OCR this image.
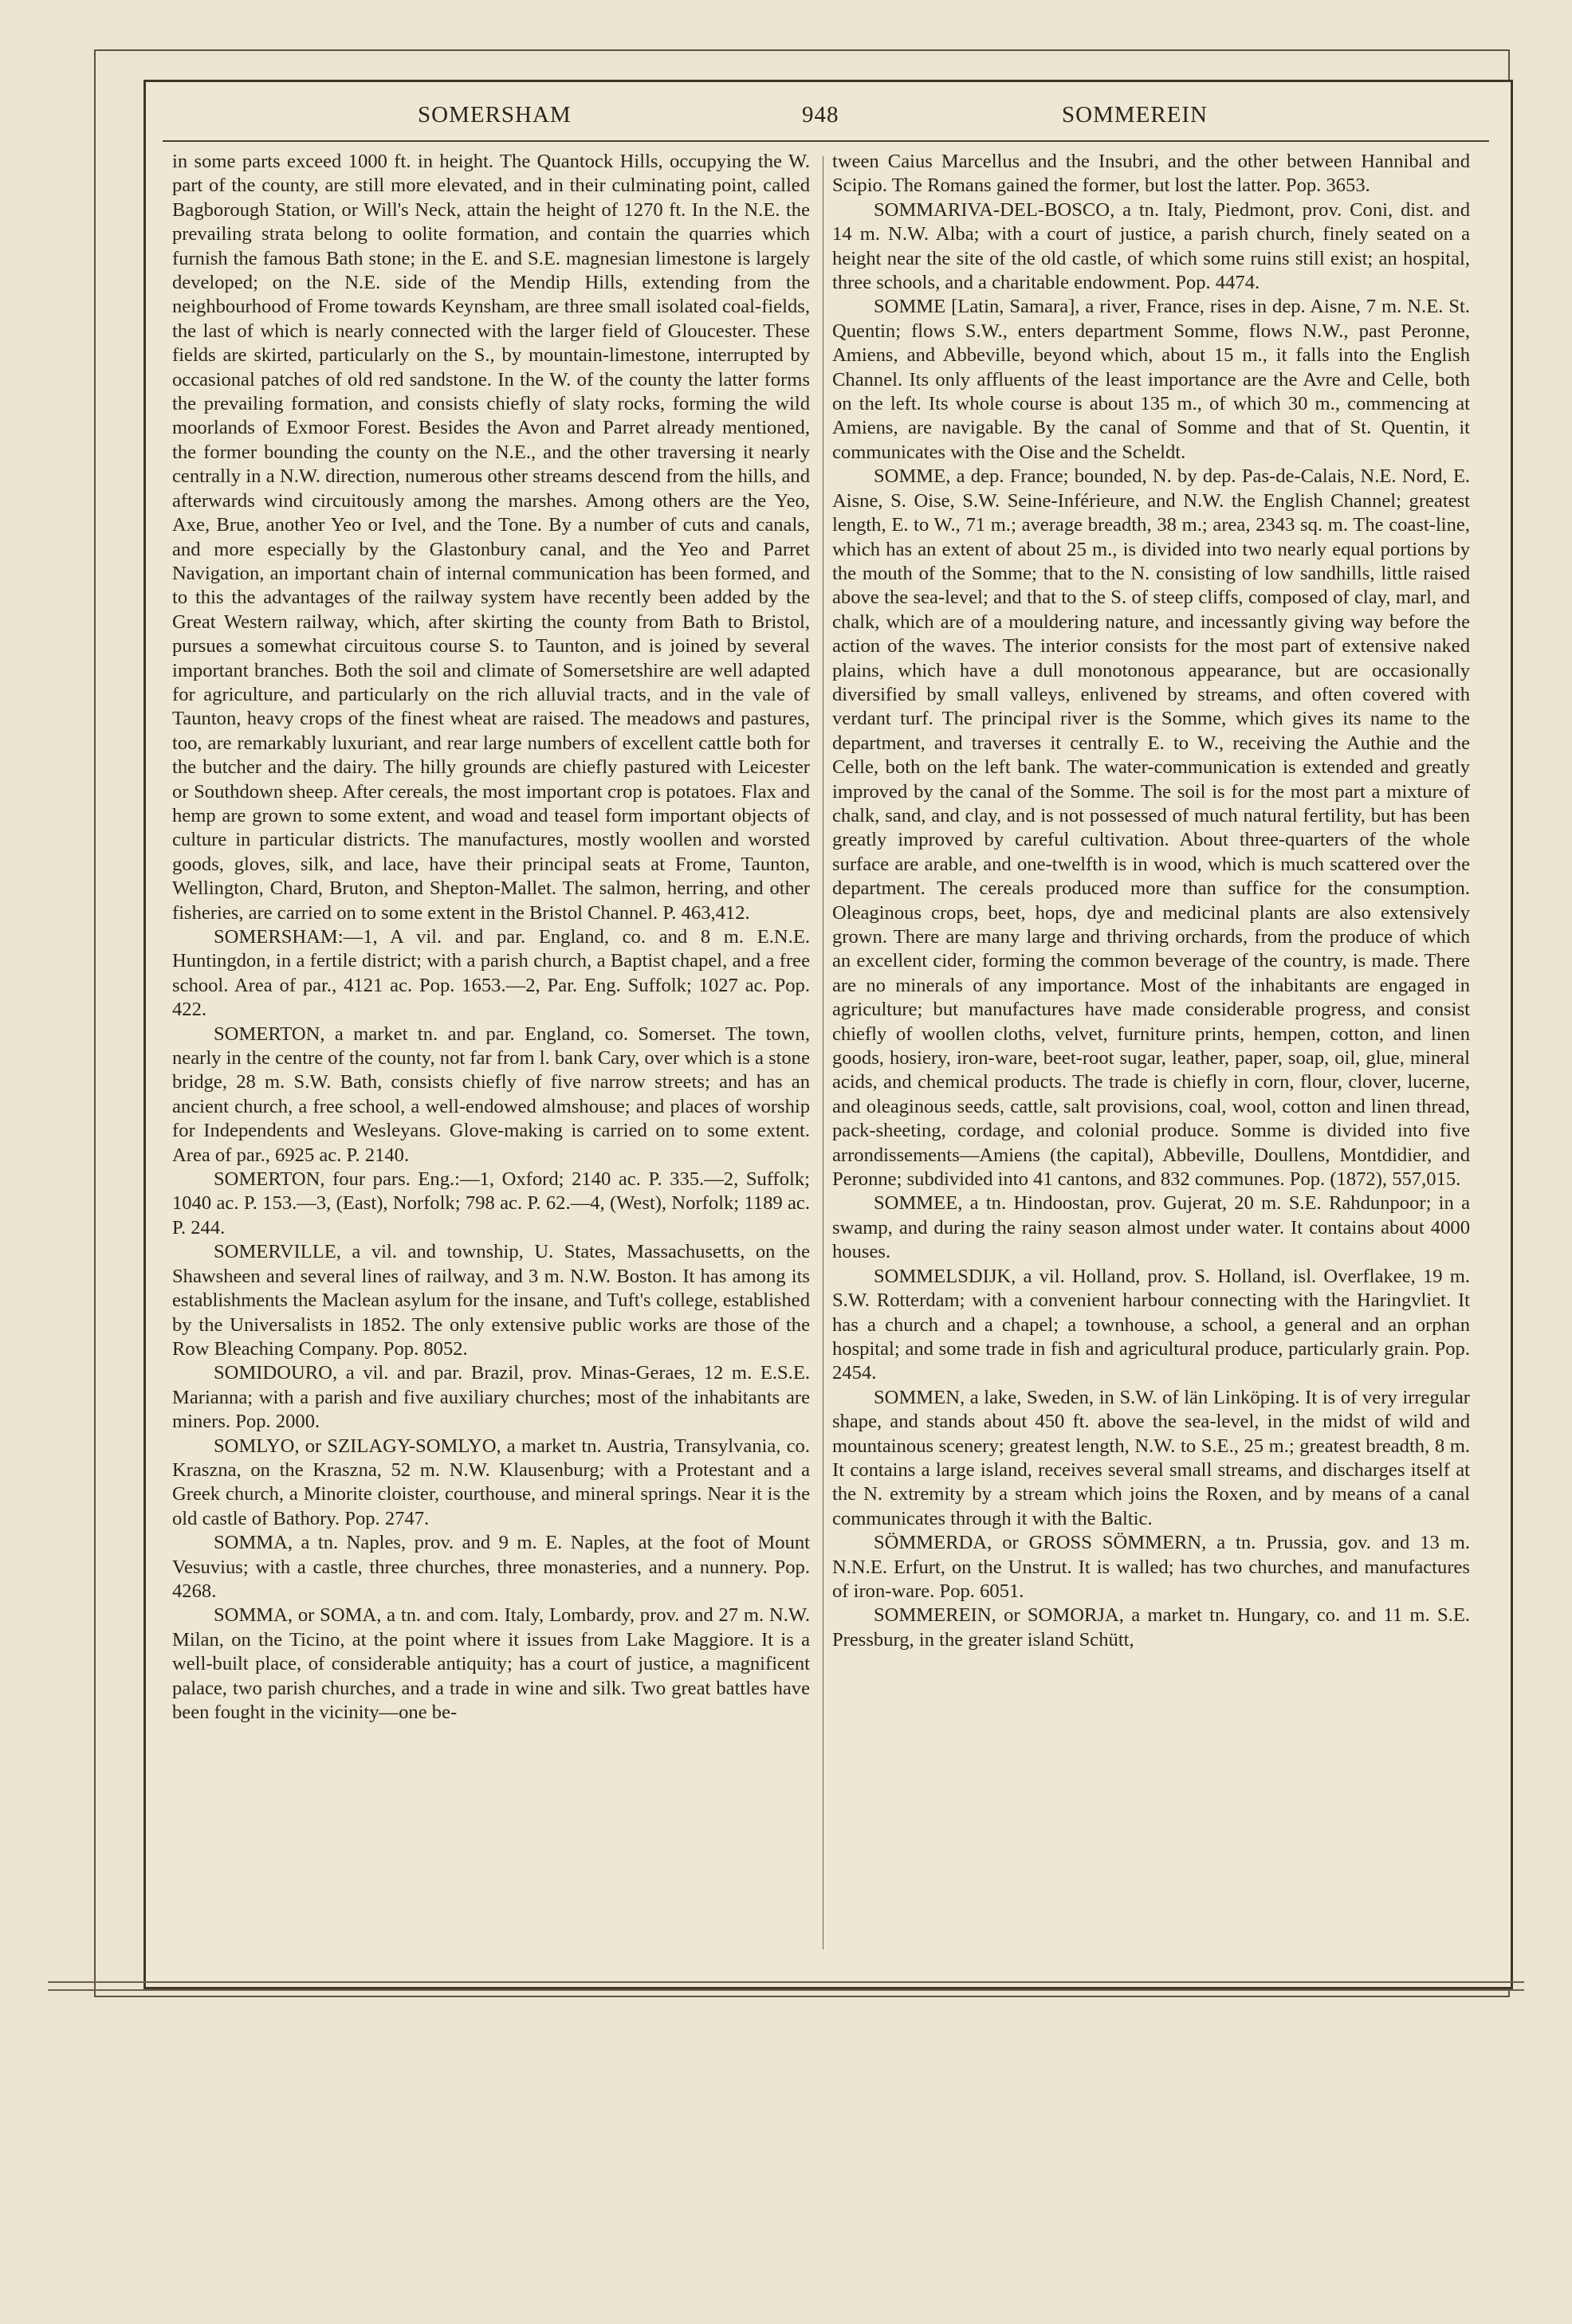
SOMERSHAM	948	SOMMEREIN

in some parts exceed 1000 ft. in height. The Quantock Hills, occupying the W. part of the county, are still more elevated, and in their culminating point, called Bagborough Station, or Will's Neck, attain the height of 1270 ft. In the N.E. the prevailing strata belong to oolite formation, and contain the quarries which furnish the famous Bath stone; in the E. and S.E. magnesian limestone is largely developed; on the N.E. side of the Mendip Hills, extending from the neighbourhood of Frome towards Keynsham, are three small isolated coal-fields, the last of which is nearly connected with the larger field of Gloucester. These fields are skirted, particularly on the S., by mountain-limestone, interrupted by occasional patches of old red sandstone. In the W. of the county the latter forms the prevailing formation, and consists chiefly of slaty rocks, forming the wild moorlands of Exmoor Forest. Besides the Avon and Parret already mentioned, the former bounding the county on the N.E., and the other traversing it nearly centrally in a N.W. direction, numerous other streams descend from the hills, and afterwards wind circuitously among the marshes. Among others are the Yeo, Axe, Brue, another Yeo or Ivel, and the Tone. By a number of cuts and canals, and more especially by the Glastonbury canal, and the Yeo and Parret Navigation, an important chain of internal communication has been formed, and to this the advantages of the railway system have recently been added by the Great Western railway, which, after skirting the county from Bath to Bristol, pursues a somewhat circuitous course S. to Taunton, and is joined by several important branches. Both the soil and climate of Somersetshire are well adapted for agriculture, and particularly on the rich alluvial tracts, and in the vale of Taunton, heavy crops of the finest wheat are raised. The meadows and pastures, too, are remarkably luxuriant, and rear large numbers of excellent cattle both for the butcher and the dairy. The hilly grounds are chiefly pastured with Leicester or Southdown sheep. After cereals, the most important crop is potatoes. Flax and hemp are grown to some extent, and woad and teasel form important objects of culture in particular districts. The manufactures, mostly woollen and worsted goods, gloves, silk, and lace, have their principal seats at Frome, Taunton, Wellington, Chard, Bruton, and Shepton-Mallet. The salmon, herring, and other fisheries, are carried on to some extent in the Bristol Channel. P. 463,412.

SOMERSHAM:—1, A vil. and par. England, co. and 8 m. E.N.E. Huntingdon, in a fertile district; with a parish church, a Baptist chapel, and a free school. Area of par., 4121 ac. Pop. 1653.—2, Par. Eng. Suffolk; 1027 ac. Pop. 422.

SOMERTON, a market tn. and par. England, co. Somerset. The town, nearly in the centre of the county, not far from l. bank Cary, over which is a stone bridge, 28 m. S.W. Bath, consists chiefly of five narrow streets; and has an ancient church, a free school, a well-endowed almshouse; and places of worship for Independents and Wesleyans. Glove-making is carried on to some extent. Area of par., 6925 ac. P. 2140.

SOMERTON, four pars. Eng.:—1, Oxford; 2140 ac. P. 335.—2, Suffolk; 1040 ac. P. 153.—3, (East), Norfolk; 798 ac. P. 62.—4, (West), Norfolk; 1189 ac. P. 244.

SOMERVILLE, a vil. and township, U. States, Massachusetts, on the Shawsheen and several lines of railway, and 3 m. N.W. Boston. It has among its establishments the Maclean asylum for the insane, and Tuft's college, established by the Universalists in 1852. The only extensive public works are those of the Row Bleaching Company. Pop. 8052.

SOMIDOURO, a vil. and par. Brazil, prov. Minas-Geraes, 12 m. E.S.E. Marianna; with a parish and five auxiliary churches; most of the inhabitants are miners. Pop. 2000.

SOMLYO, or SZILAGY-SOMLYO, a market tn. Austria, Transylvania, co. Kraszna, on the Kraszna, 52 m. N.W. Klausenburg; with a Protestant and a Greek church, a Minorite cloister, courthouse, and mineral springs. Near it is the old castle of Bathory. Pop. 2747.

SOMMA, a tn. Naples, prov. and 9 m. E. Naples, at the foot of Mount Vesuvius; with a castle, three churches, three monasteries, and a nunnery. Pop. 4268.

SOMMA, or SOMA, a tn. and com. Italy, Lombardy, prov. and 27 m. N.W. Milan, on the Ticino, at the point where it issues from Lake Maggiore. It is a well-built place, of considerable antiquity; has a court of justice, a magnificent palace, two parish churches, and a trade in wine and silk. Two great battles have been fought in the vicinity—one be-

tween Caius Marcellus and the Insubri, and the other between Hannibal and Scipio. The Romans gained the former, but lost the latter. Pop. 3653.

SOMMARIVA-DEL-BOSCO, a tn. Italy, Piedmont, prov. Coni, dist. and 14 m. N.W. Alba; with a court of justice, a parish church, finely seated on a height near the site of the old castle, of which some ruins still exist; an hospital, three schools, and a charitable endowment. Pop. 4474.

SOMME [Latin, Samara], a river, France, rises in dep. Aisne, 7 m. N.E. St. Quentin; flows S.W., enters department Somme, flows N.W., past Peronne, Amiens, and Abbeville, beyond which, about 15 m., it falls into the English Channel. Its only affluents of the least importance are the Avre and Celle, both on the left. Its whole course is about 135 m., of which 30 m., commencing at Amiens, are navigable. By the canal of Somme and that of St. Quentin, it communicates with the Oise and the Scheldt.

SOMME, a dep. France; bounded, N. by dep. Pas-de-Calais, N.E. Nord, E. Aisne, S. Oise, S.W. Seine-Inférieure, and N.W. the English Channel; greatest length, E. to W., 71 m.; average breadth, 38 m.; area, 2343 sq. m. The coast-line, which has an extent of about 25 m., is divided into two nearly equal portions by the mouth of the Somme; that to the N. consisting of low sandhills, little raised above the sea-level; and that to the S. of steep cliffs, composed of clay, marl, and chalk, which are of a mouldering nature, and incessantly giving way before the action of the waves. The interior consists for the most part of extensive naked plains, which have a dull monotonous appearance, but are occasionally diversified by small valleys, enlivened by streams, and often covered with verdant turf. The principal river is the Somme, which gives its name to the department, and traverses it centrally E. to W., receiving the Authie and the Celle, both on the left bank. The water-communication is extended and greatly improved by the canal of the Somme. The soil is for the most part a mixture of chalk, sand, and clay, and is not possessed of much natural fertility, but has been greatly improved by careful cultivation. About three-quarters of the whole surface are arable, and one-twelfth is in wood, which is much scattered over the department. The cereals produced more than suffice for the consumption. Oleaginous crops, beet, hops, dye and medicinal plants are also extensively grown. There are many large and thriving orchards, from the produce of which an excellent cider, forming the common beverage of the country, is made. There are no minerals of any importance. Most of the inhabitants are engaged in agriculture; but manufactures have made considerable progress, and consist chiefly of woollen cloths, velvet, furniture prints, hempen, cotton, and linen goods, hosiery, iron-ware, beet-root sugar, leather, paper, soap, oil, glue, mineral acids, and chemical products. The trade is chiefly in corn, flour, clover, lucerne, and oleaginous seeds, cattle, salt provisions, coal, wool, cotton and linen thread, pack-sheeting, cordage, and colonial produce. Somme is divided into five arrondissements—Amiens (the capital), Abbeville, Doullens, Montdidier, and Peronne; subdivided into 41 cantons, and 832 communes. Pop. (1872), 557,015.

SOMMEE, a tn. Hindoostan, prov. Gujerat, 20 m. S.E. Rahdunpoor; in a swamp, and during the rainy season almost under water. It contains about 4000 houses.

SOMMELSDIJK, a vil. Holland, prov. S. Holland, isl. Overflakee, 19 m. S.W. Rotterdam; with a convenient harbour connecting with the Haringvliet. It has a church and a chapel; a townhouse, a school, a general and an orphan hospital; and some trade in fish and agricultural produce, particularly grain. Pop. 2454.

SOMMEN, a lake, Sweden, in S.W. of län Linköping. It is of very irregular shape, and stands about 450 ft. above the sea-level, in the midst of wild and mountainous scenery; greatest length, N.W. to S.E., 25 m.; greatest breadth, 8 m. It contains a large island, receives several small streams, and discharges itself at the N. extremity by a stream which joins the Roxen, and by means of a canal communicates through it with the Baltic.

SÖMMERDA, or GROSS SÖMMERN, a tn. Prussia, gov. and 13 m. N.N.E. Erfurt, on the Unstrut. It is walled; has two churches, and manufactures of iron-ware. Pop. 6051.

SOMMEREIN, or SOMORJA, a market tn. Hungary, co. and 11 m. S.E. Pressburg, in the greater island Schütt,
